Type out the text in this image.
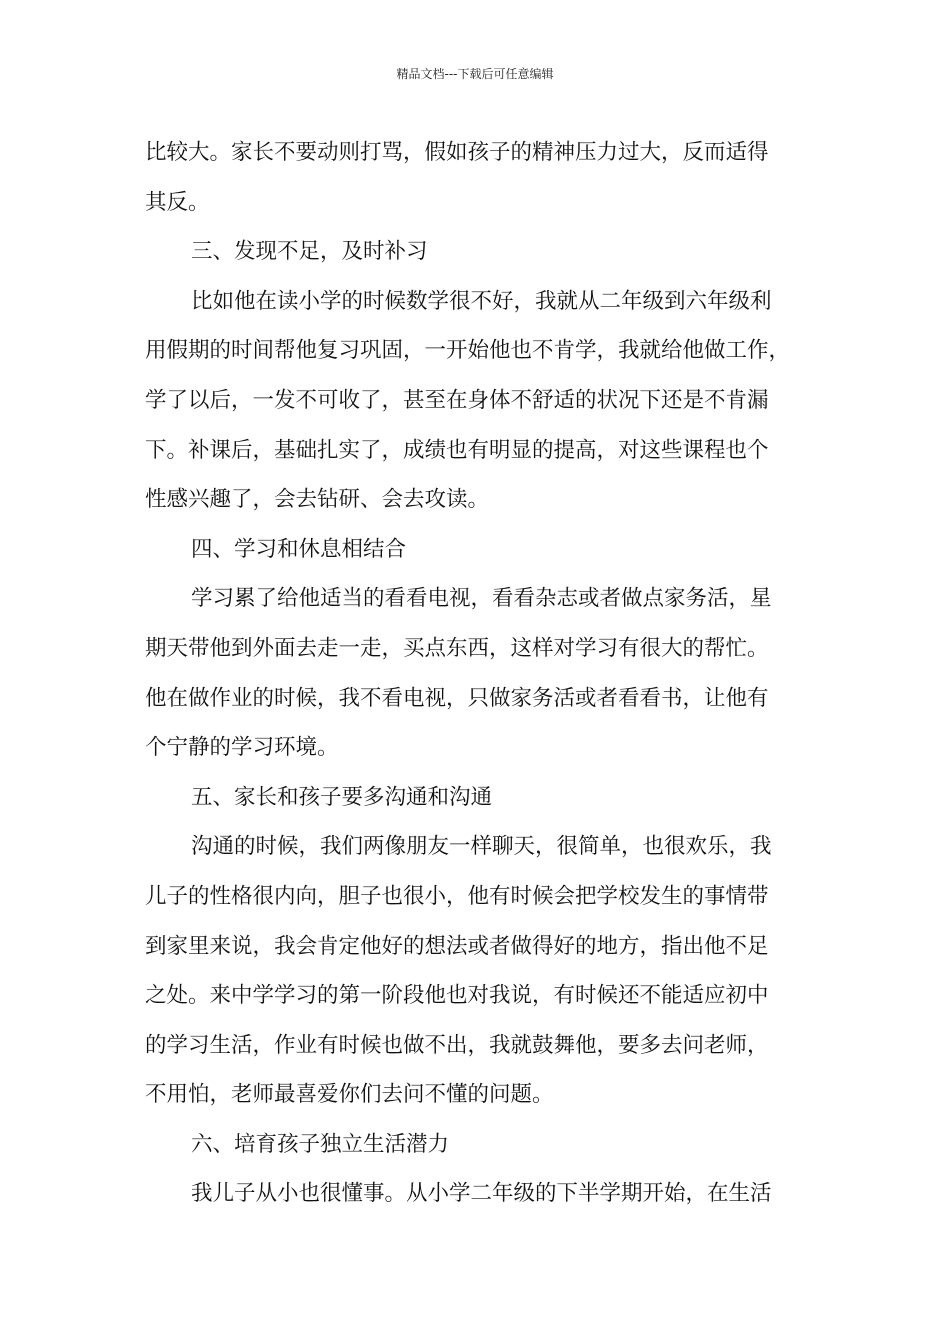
精品文档---下载后可任意编辑
比较大。家长不要动则打骂，假如孩子的精神压力过大，反而适得
其反。
三、发现不足，及时补习
比如他在读小学的时候数学很不好，我就从二年级到六年级利
用假期的时间帮他复习巩固，一开始他也不肯学，我就给他做工作，
学了以后，一发不可收了，甚至在身体不舒适的状况下还是不肯漏
下。补课后，基础扎实了，成绩也有明显的提高，对这些课程也个
性感兴趣了，会去钻研、会去攻读。
四、学习和休息相结合
学习累了给他适当的看看电视，看看杂志或者做点家务活，星
期天带他到外面去走一走，买点东西，这样对学习有很大的帮忙。
他在做作业的时候，我不看电视，只做家务活或者看看书，让他有
个宁静的学习环境。
五、家长和孩子要多沟通和沟通
沟通的时候，我们两像朋友一样聊天，很简单，也很欢乐，我
儿子的性格很内向，胆子也很小，他有时候会把学校发生的事情带
到家里来说，我会肯定他好的想法或者做得好的地方，指出他不足
之处。来中学学习的第一阶段他也对我说，有时候还不能适应初中
的学习生活，作业有时候也做不出，我就鼓舞他，要多去问老师，
不用怕，老师最喜爱你们去问不懂的问题。
六、培育孩子独立生活潜力
我儿子从小也很懂事。从小学二年级的下半学期开始，在生活
